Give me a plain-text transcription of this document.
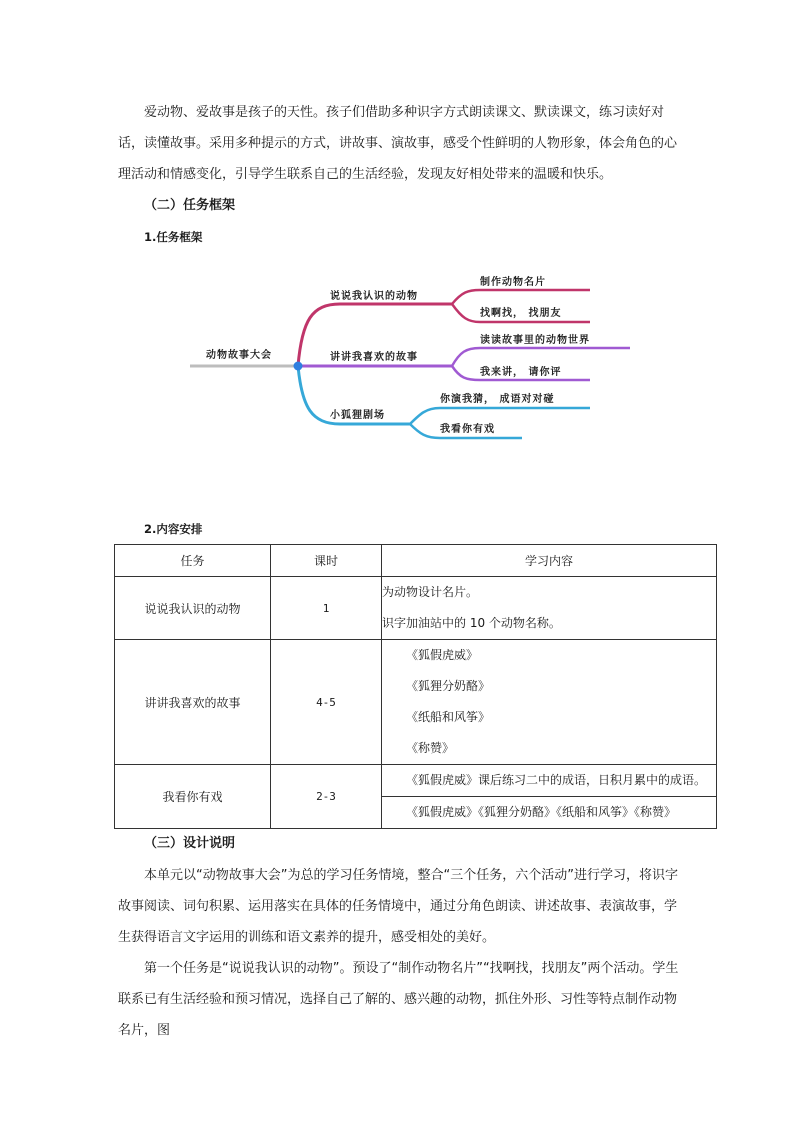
爱动物、爱故事是孩子的天性。孩子们借助多种识字方式朗读课文、默读课文，练习读好对话，读懂故事。采用多种提示的方式，讲故事、演故事，感受个性鲜明的人物形象，体会角色的心理活动和情感变化，引导学生联系自己的生活经验，发现友好相处带来的温暖和快乐。

（二）任务框架
1.任务框架
动物故事大会
说说我认识的动物
制作动物名片
找啊找， 找朋友
讲讲我喜欢的故事
读读故事里的动物世界
我来讲， 请你评
小狐狸剧场
你演我猜， 成语对对碰
我看你有戏
2.内容安排
任务	课时	学习内容
说说我认识的动物	1	为动物设计名片。
识字加油站中的 10 个动物名称。

讲讲我喜欢的故事	4-5	《狐假虎威》
《狐狸分奶酪》
《纸船和风筝》
《称赞》

我看你有戏	2-3	《狐假虎威》课后练习二中的成语，日积月累中的成语。

		《狐假虎威》《狐狸分奶酪》《纸船和风筝》《称赞》
（三）设计说明

本单元以“动物故事大会”为总的学习任务情境，整合“三个任务，六个活动”进行学习，将识字故事阅读、词句积累、运用落实在具体的任务情境中，通过分角色朗读、讲述故事、表演故事，学生获得语言文字运用的训练和语文素养的提升，感受相处的美好。

第一个任务是“说说我认识的动物”。预设了“制作动物名片”“找啊找，找朋友”两个活动。学生联系已有生活经验和预习情况，选择自己了解的、感兴趣的动物，抓住外形、习性等特点制作动物名片，图
